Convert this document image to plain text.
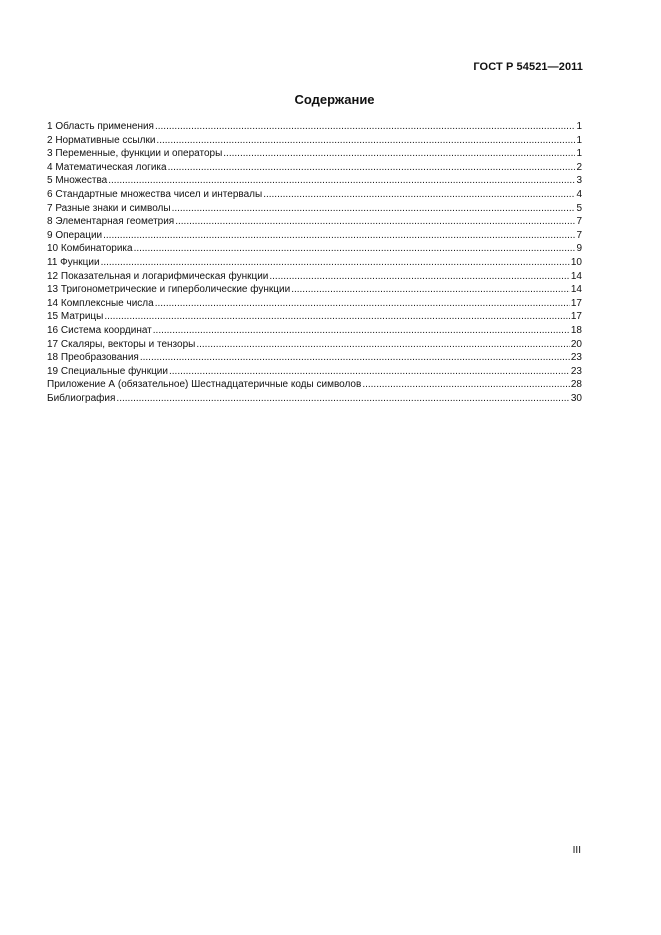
ГОСТ Р 54521—2011
Содержание
1 Область применения .....	1
2 Нормативные ссылки .....	1
3 Переменные, функции и операторы .....	1
4 Математическая логика .....	2
5 Множества .....	3
6 Стандартные множества чисел и интервалы .....	4
7 Разные знаки и символы .....	5
8 Элементарная геометрия .....	7
9 Операции .....	7
10 Комбинаторика .....	9
11 Функции .....	10
12 Показательная и логарифмическая функции .....	14
13 Тригонометрические и гиперболические функции .....	14
14 Комплексные числа .....	17
15 Матрицы .....	17
16 Система координат .....	18
17 Скаляры, векторы и тензоры .....	20
18 Преобразования .....	23
19 Специальные функции .....	23
Приложение А (обязательное) Шестнадцатеричные коды символов .....	28
Библиография .....	30
III
